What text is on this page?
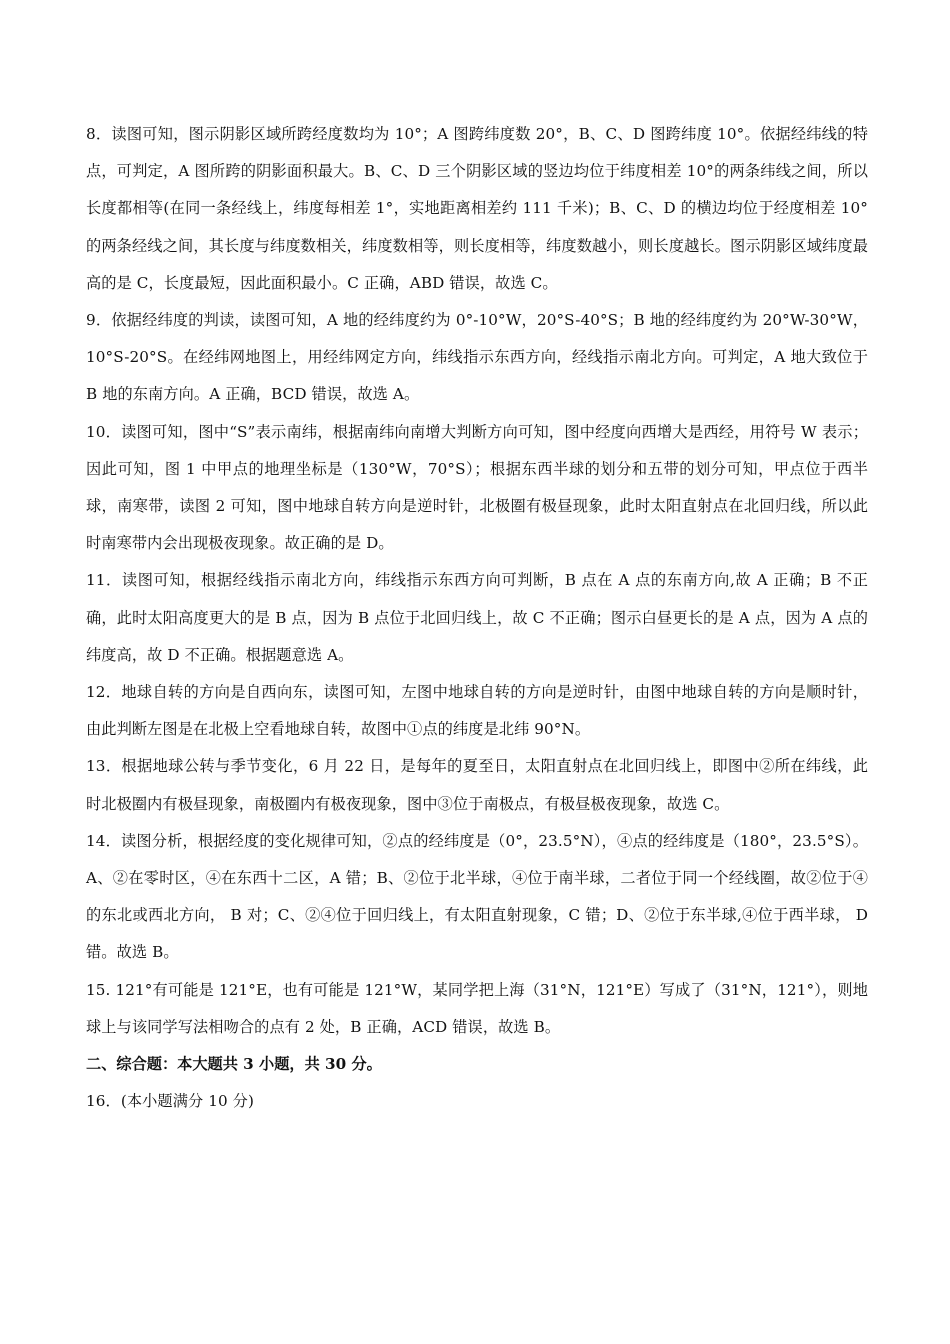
8．读图可知，图示阴影区域所跨经度数均为 10°；A 图跨纬度数 20°，B、C、D 图跨纬度 10°。依据经纬线的特点，可判定，A 图所跨的阴影面积最大。B、C、D 三个阴影区域的竖边均位于纬度相差 10°的两条纬线之间，所以长度都相等(在同一条经线上，纬度每相差 1°，实地距离相差约 111 千米)；B、C、D 的横边均位于经度相差 10°的两条经线之间，其长度与纬度数相关，纬度数相等，则长度相等，纬度数越小，则长度越长。图示阴影区域纬度最高的是 C，长度最短，因此面积最小。C 正确，ABD 错误，故选 C。

9．依据经纬度的判读，读图可知，A 地的经纬度约为 0°-10°W，20°S-40°S；B 地的经纬度约为 20°W-30°W，10°S-20°S。在经纬网地图上，用经纬网定方向，纬线指示东西方向，经线指示南北方向。可判定，A 地大致位于 B 地的东南方向。A 正确，BCD 错误，故选 A。

10．读图可知，图中“S”表示南纬，根据南纬向南增大判断方向可知，图中经度向西增大是西经，用符号 W 表示；因此可知，图 1 中甲点的地理坐标是（130°W，70°S）；根据东西半球的划分和五带的划分可知，甲点位于西半球，南寒带，读图 2 可知，图中地球自转方向是逆时针，北极圈有极昼现象，此时太阳直射点在北回归线，所以此时南寒带内会出现极夜现象。故正确的是 D。

11．读图可知，根据经线指示南北方向，纬线指示东西方向可判断，B 点在 A 点的东南方向,故 A 正确；B 不正确，此时太阳高度更大的是 B 点，因为 B 点位于北回归线上，故 C 不正确；图示白昼更长的是 A 点，因为 A 点的纬度高，故 D 不正确。根据题意选 A。

12．地球自转的方向是自西向东，读图可知，左图中地球自转的方向是逆时针，由图中地球自转的方向是顺时针，由此判断左图是在北极上空看地球自转，故图中①点的纬度是北纬 90°N。

13．根据地球公转与季节变化，6 月 22 日，是每年的夏至日，太阳直射点在北回归线上，即图中②所在纬线，此时北极圈内有极昼现象，南极圈内有极夜现象，图中③位于南极点，有极昼极夜现象，故选 C。

14．读图分析，根据经度的变化规律可知，②点的经纬度是（0°，23.5°N），④点的经纬度是（180°，23.5°S）。A、②在零时区，④在东西十二区，A 错；B、②位于北半球，④位于南半球，二者位于同一个经线圈，故②位于④的东北或西北方向， B 对；C、②④位于回归线上，有太阳直射现象，C 错；D、②位于东半球,④位于西半球， D 错。故选 B。

15. 121°有可能是 121°E，也有可能是 121°W，某同学把上海（31°N，121°E）写成了（31°N，121°），则地球上与该同学写法相吻合的点有 2 处，B 正确，ACD 错误，故选 B。

二、综合题：本大题共 3 小题，共 30 分。

16．(本小题满分 10 分)
